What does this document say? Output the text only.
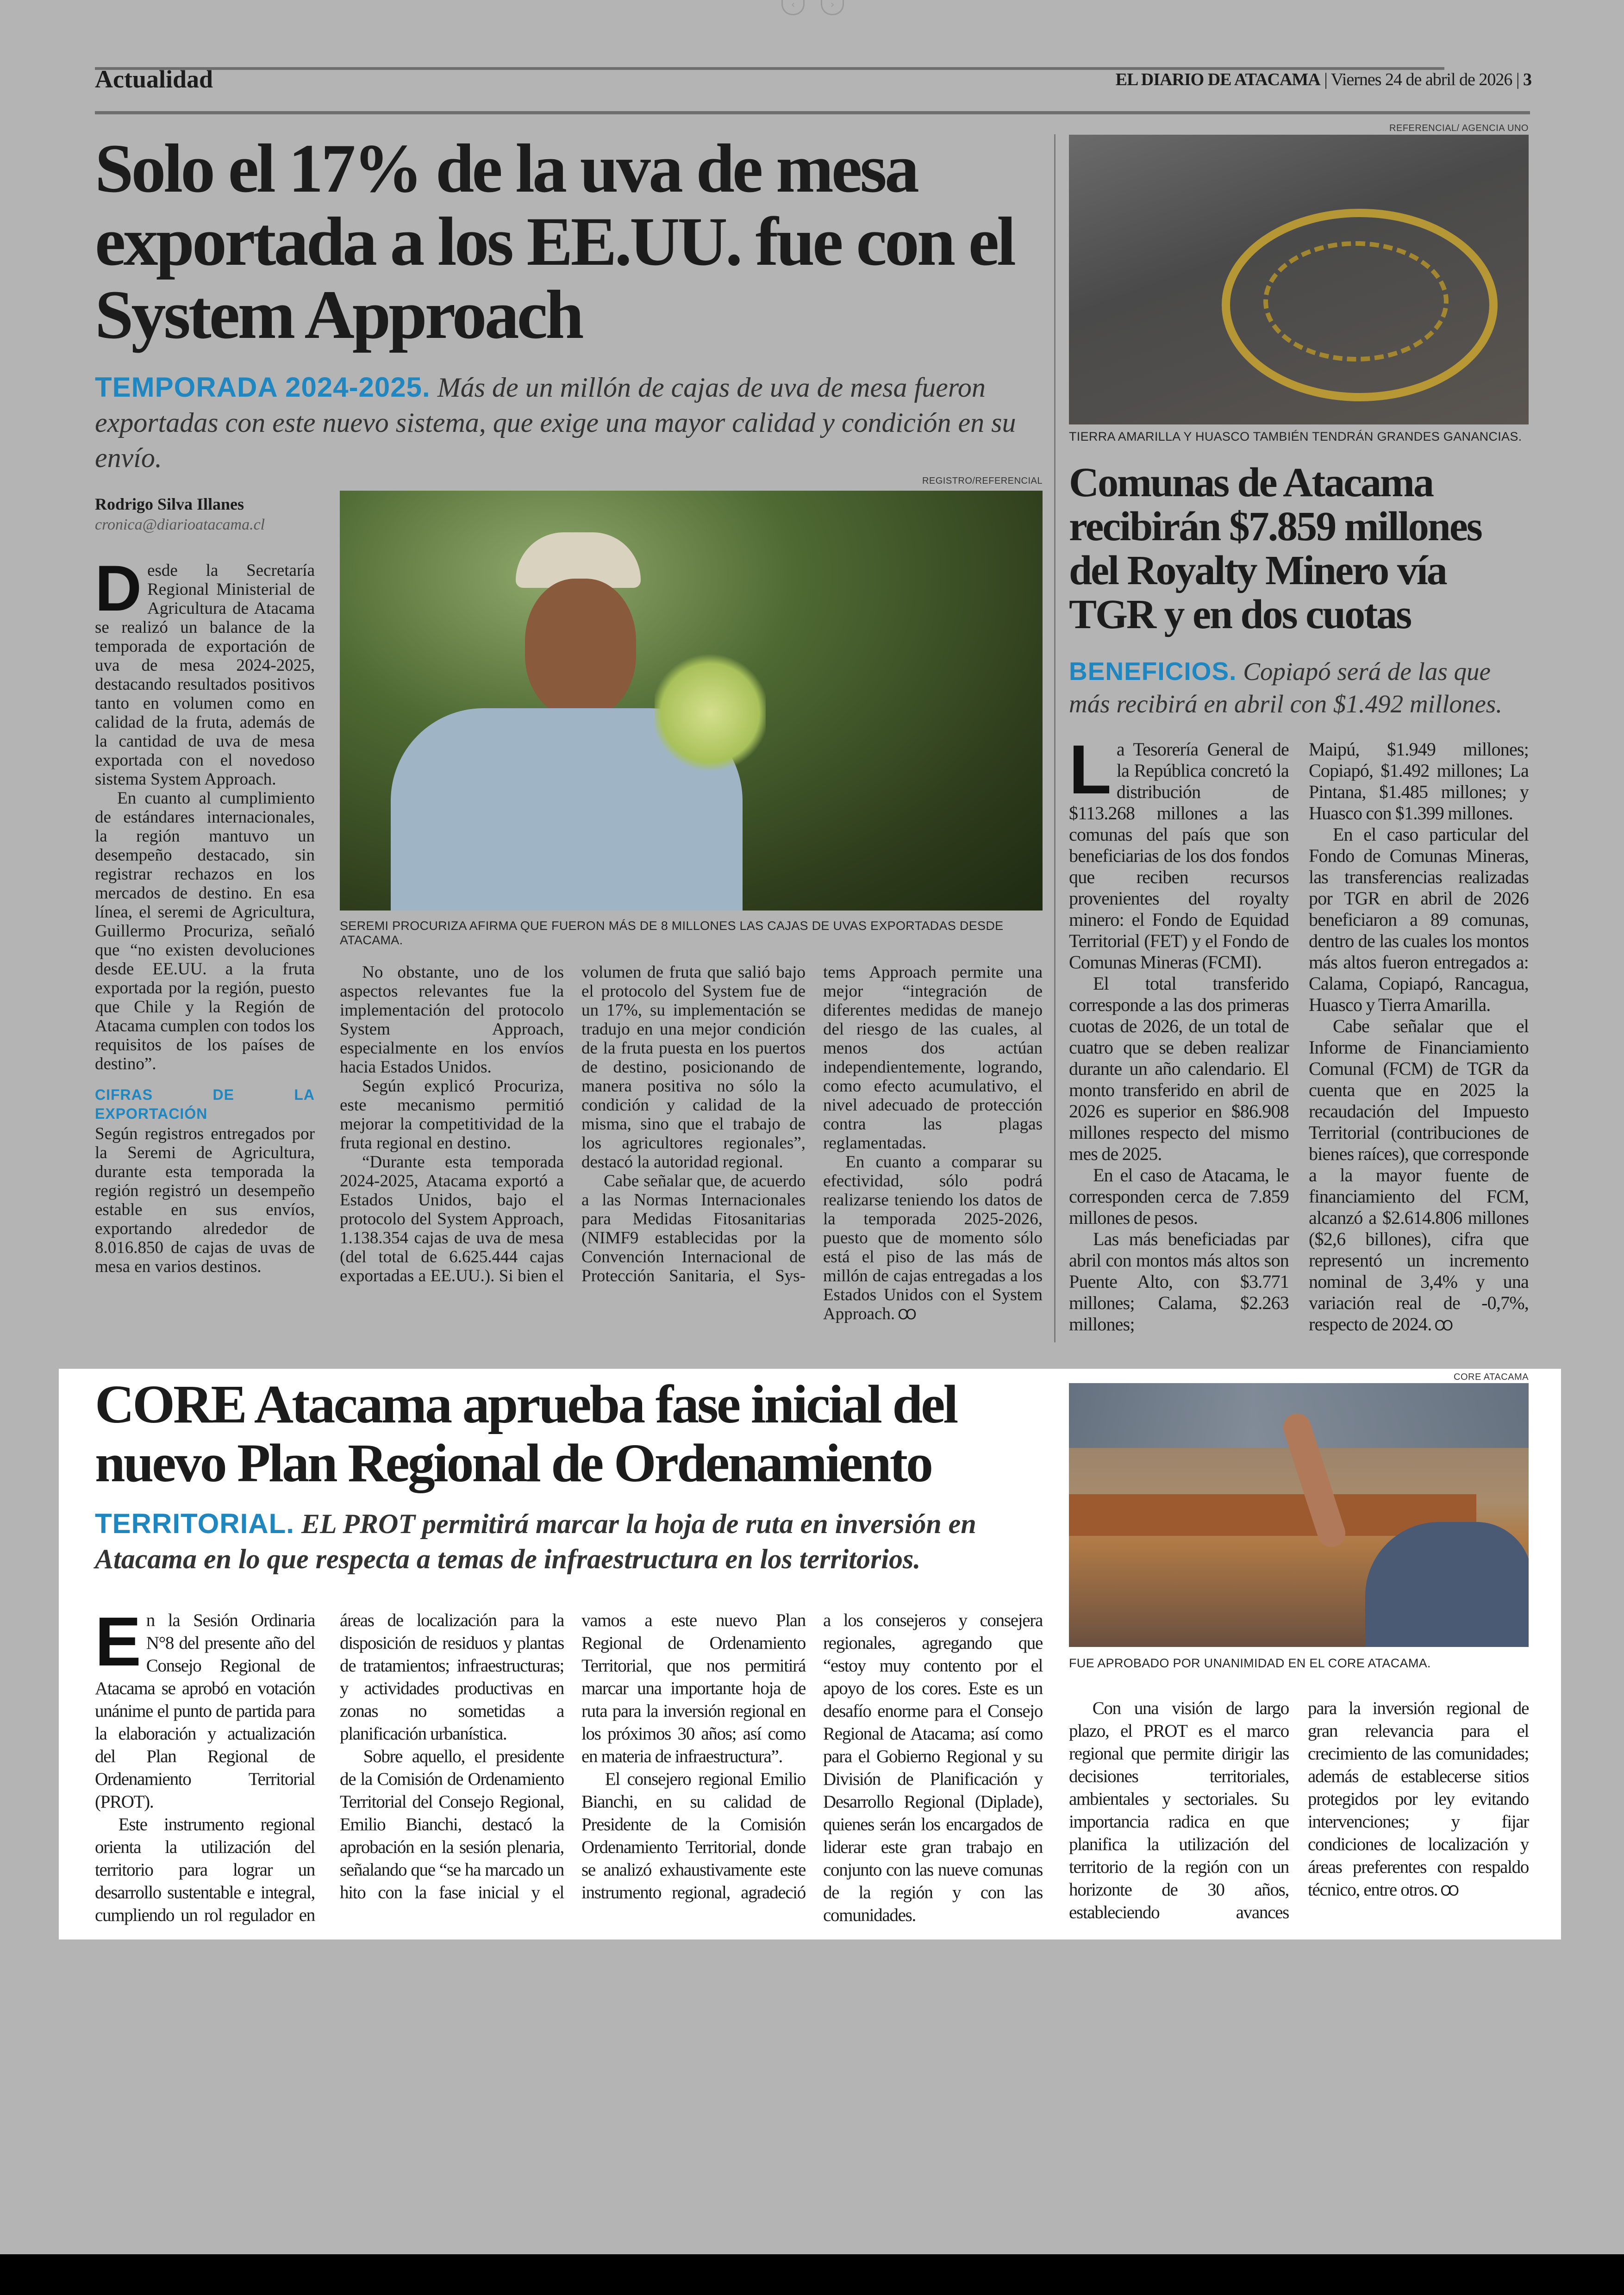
‹	›
Actualidad	EL DIARIO DE ATACAMA | Viernes 24 de abril de 2026 | 3
Solo el 17% de la uva de mesa exportada a los EE.UU. fue con el System Approach
TEMPORADA 2024-2025. Más de un millón de cajas de uva de mesa fueron exportadas con este nuevo sistema, que exige una mayor calidad y condición en su envío.
Rodrigo Silva Illanes
cronica@diarioatacama.cl
REGISTRO/REFERENCIAL
SEREMI PROCURIZA AFIRMA QUE FUERON MÁS DE 8 MILLONES LAS CAJAS DE UVAS EXPORTADAS DESDE ATACAMA.

Desde la Secretaría Regional Ministerial de Agricultura de Atacama se realizó un balance de la temporada de exportación de uva de mesa 2024-2025, destacando resultados positivos tanto en volumen como en calidad de la fruta, además de la cantidad de uva de mesa exportada con el novedoso sistema System Approach.

En cuanto al cumplimiento de estándares internacionales, la región mantuvo un desempeño destacado, sin registrar rechazos en los mercados de destino. En esa línea, el seremi de Agricultura, Guillermo Procuriza, señaló que “no existen devoluciones desde EE.UU. a la fruta exportada por la región, puesto que Chile y la Región de Atacama cumplen con todos los requisitos de los países de destino”.

CIFRAS DE LA EXPORTACIÓN

Según registros entregados por la Seremi de Agricultura, durante esta temporada la región registró un desempeño estable en sus envíos, exportando alrededor de 8.016.850 de cajas de uvas de mesa en varios destinos.

No obstante, uno de los aspectos relevantes fue la implementación del protocolo System Approach, especialmente en los envíos hacia Estados Unidos.

Según explicó Procuriza, este mecanismo permitió mejorar la competitividad de la fruta regional en destino.

“Durante esta temporada 2024-2025, Atacama exportó a Estados Unidos, bajo el protocolo del System Approach, 1.138.354 cajas de uva de mesa (del total de 6.625.444 cajas exportadas a EE.UU.). Si bien el

volumen de fruta que salió bajo el protocolo del System fue de un 17%, su implementación se tradujo en una mejor condición de la fruta puesta en los puertos de destino, posicionando de manera positiva no sólo la condición y calidad de la misma, sino que el trabajo de los agricultores regionales”, destacó la autoridad regional.

Cabe señalar que, de acuerdo a las Normas Internacionales para Medidas Fitosanitarias (NIMF9 establecidas por la Convención Internacional de Protección Sanitaria, el Sys-

tems Approach permite una mejor “integración de diferentes medidas de manejo del riesgo de las cuales, al menos dos actúan independientemente, logrando, como efecto acumulativo, el nivel adecuado de protección contra las plagas reglamentadas.

En cuanto a comparar su efectividad, sólo podrá realizarse teniendo los datos de la temporada 2025-2026, puesto que de momento sólo está el piso de las más de millón de cajas entregadas a los Estados Unidos con el System Approach. Ꝏ

REFERENCIAL/ AGENCIA UNO
TIERRA AMARILLA Y HUASCO TAMBIÉN TENDRÁN GRANDES GANANCIAS.
Comunas de Atacama recibirán $7.859 millones del Royalty Minero vía TGR y en dos cuotas
BENEFICIOS. Copiapó será de las que más recibirá en abril con $1.492 millones.

La Tesorería General de la República concretó la distribución de $113.268 millones a las comunas del país que son beneficiarias de los dos fondos que reciben recursos provenientes del royalty minero: el Fondo de Equidad Territorial (FET) y el Fondo de Comunas Mineras (FCMI).

El total transferido corresponde a las dos primeras cuotas de 2026, de un total de cuatro que se deben realizar durante un año calendario. El monto transferido en abril de 2026 es superior en $86.908 millones respecto del mismo mes de 2025.

En el caso de Atacama, le corresponden cerca de 7.859 millones de pesos.

Las más beneficiadas par abril con montos más altos son Puente Alto, con $3.771 millones; Calama, $2.263 millones;

Maipú, $1.949 millones; Copiapó, $1.492 millones; La Pintana, $1.485 millones; y Huasco con $1.399 millones.

En el caso particular del Fondo de Comunas Mineras, las transferencias realizadas por TGR en abril de 2026 beneficiaron a 89 comunas, dentro de las cuales los montos más altos fueron entregados a: Calama, Copiapó, Rancagua, Huasco y Tierra Amarilla.

Cabe señalar que el Informe de Financiamiento Comunal (FCM) de TGR da cuenta que en 2025 la recaudación del Impuesto Territorial (contribuciones de bienes raíces), que corresponde a la mayor fuente de financiamiento del FCM, alcanzó a $2.614.806 millones ($2,6 billones), cifra que representó un incremento nominal de 3,4% y una variación real de -0,7%, respecto de 2024. Ꝏ

CORE Atacama aprueba fase inicial del nuevo Plan Regional de Ordenamiento
TERRITORIAL. EL PROT permitirá marcar la hoja de ruta en inversión en Atacama en lo que respecta a temas de infraestructura en los territorios.
CORE ATACAMA
FUE APROBADO POR UNANIMIDAD EN EL CORE ATACAMA.

En la Sesión Ordinaria N°8 del presente año del Consejo Regional de Atacama se aprobó en votación unánime el punto de partida para la elaboración y actualización del Plan Regional de Ordenamiento Territorial (PROT).

Este instrumento regional orienta la utilización del territorio para lograr un desarrollo sustentable e integral, cumpliendo un rol regulador en

áreas de localización para la disposición de residuos y plantas de tratamientos; infraestructuras; y actividades productivas en zonas no sometidas a planificación urbanística.

Sobre aquello, el presidente de la Comisión de Ordenamiento Territorial del Consejo Regional, Emilio Bianchi, destacó la aprobación en la sesión plenaria, señalando que “se ha marcado un hito con la fase inicial y el

vamos a este nuevo Plan Regional de Ordenamiento Territorial, que nos permitirá marcar una importante hoja de ruta para la inversión regional en los próximos 30 años; así como en materia de infraestructura”.

El consejero regional Emilio Bianchi, en su calidad de Presidente de la Comisión Ordenamiento Territorial, donde se analizó exhaustivamente este instrumento regional, agradeció

a los consejeros y consejera regionales, agregando que “estoy muy contento por el apoyo de los cores. Este es un desafío enorme para el Consejo Regional de Atacama; así como para el Gobierno Regional y su División de Planificación y Desarrollo Regional (Diplade), quienes serán los encargados de liderar este gran trabajo en conjunto con las nueve comunas de la región y con las comunidades.

Con una visión de largo plazo, el PROT es el marco regional que permite dirigir las decisiones territoriales, ambientales y sectoriales. Su importancia radica en que planifica la utilización del territorio de la región con un horizonte de 30 años, estableciendo avances

para la inversión regional de gran relevancia para el crecimiento de las comunidades; además de establecerse sitios protegidos por ley evitando intervenciones; y fijar condiciones de localización y áreas preferentes con respaldo técnico, entre otros. Ꝏ
